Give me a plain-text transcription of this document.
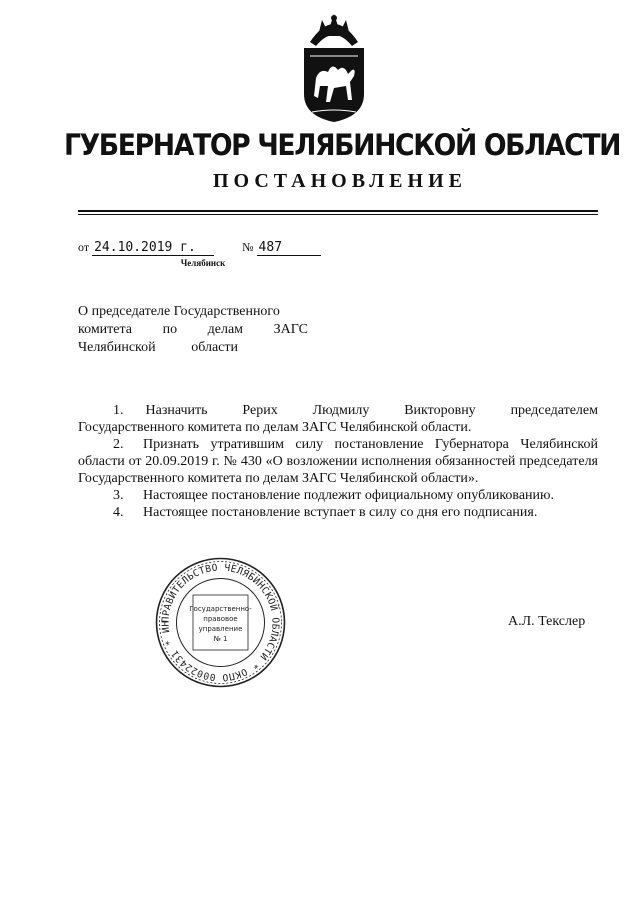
ГУБЕРНАТОР ЧЕЛЯБИНСКОЙ ОБЛАСТИ
ПОСТАНОВЛЕНИЕ
от 24.10.2019 г.	№ 487
Челябинск
О председателе Государственного
комитета по делам ЗАГС
Челябинской области
1. Назначить Рерих Людмилу Викторовну председателем
Государственного комитета по делам ЗАГС Челябинской области.
2. Признать утратившим силу постановление Губернатора Челябинской области от 20.09.2019 г. № 430 «О возложении исполнения обязанностей председателя Государственного комитета по делам ЗАГС Челябинской области».
3. Настоящее постановление подлежит официальному опубликованию.
4. Настоящее постановление вступает в силу со дня его подписания.
ПРАВИТЕЛЬСТВО ЧЕЛЯБИНСКОЙ ОБЛАСТИ * ОКПО 00022431 * ИН
Государственно-
правовое
управление
№ 1
А.Л. Текслер
